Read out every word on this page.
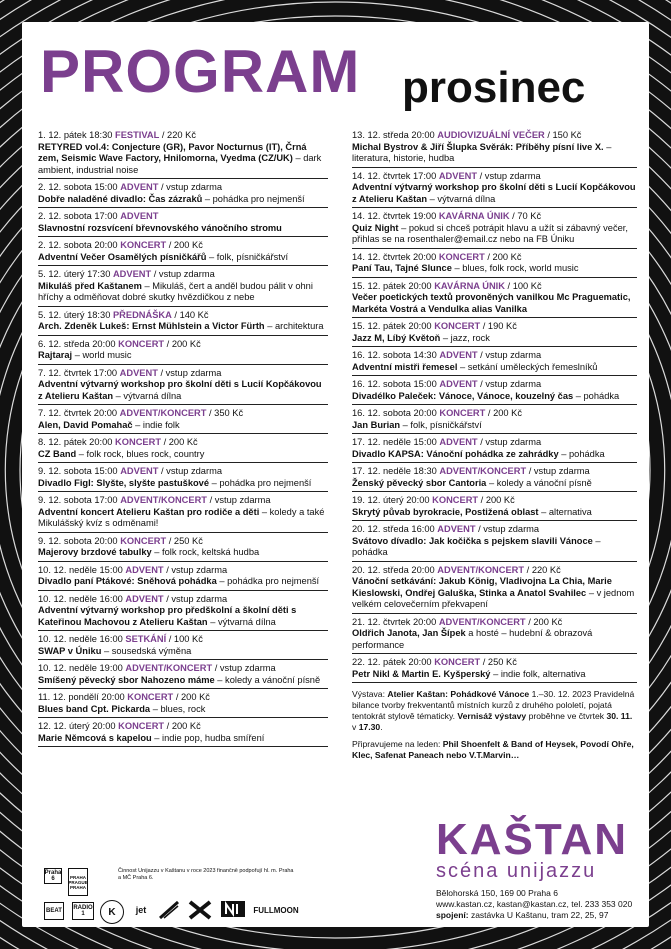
PROGRAM prosinec
1. 12. pátek 18:30 FESTIVAL / 220 Kč
RETYRED vol.4: Conjecture (GR), Pavor Nocturnus (IT), Črná zem, Seismic Wave Factory, Hnilomorna, Vyedma (CZ/UK) – dark ambient, industrial noise
2. 12. sobota 15:00 ADVENT / vstup zdarma
Dobře naladěné divadlo: Čas zázraků – pohádka pro nejmenší
2. 12. sobota 17:00 ADVENT
Slavnostní rozsvícení břevnovského vánočního stromu
2. 12. sobota 20:00 KONCERT / 200 Kč
Adventní Večer Osamělých písničkářů – folk, písničkářství
5. 12. úterý 17:30 ADVENT / vstup zdarma
Mikuláš před Kaštanem – Mikuláš, čert a anděl budou pálit v ohni hříchy a odměňovat dobré skutky hvězdičkou z nebe
5. 12. úterý 18:30 PŘEDNÁŠKA / 140 Kč
Arch. Zdeněk Lukeš: Ernst Mühlstein a Victor Fürth – architektura
6. 12. středa 20:00 KONCERT / 200 Kč
Rajtaraj – world music
7. 12. čtvrtek 17:00 ADVENT / vstup zdarma
Adventní výtvarný workshop pro školní děti s Lucií Kopčákovou z Atelieru Kaštan – výtvarná dílna
7. 12. čtvrtek 20:00 ADVENT/KONCERT / 350 Kč
Alen, David Pomahač – indie folk
8. 12. pátek 20:00 KONCERT / 200 Kč
CZ Band – folk rock, blues rock, country
9. 12. sobota 15:00 ADVENT / vstup zdarma
Divadlo Figl: Slyšte, slyšte pastuškové – pohádka pro nejmenší
9. 12. sobota 17:00 ADVENT/KONCERT / vstup zdarma
Adventní koncert Atelieru Kaštan pro rodiče a děti – koledy a také Mikulášský kvíz s odměnami!
9. 12. sobota 20:00 KONCERT / 250 Kč
Majerovy brzdové tabulky – folk rock, keltská hudba
10. 12. neděle 15:00 ADVENT / vstup zdarma
Divadlo paní Ptákové: Sněhová pohádka – pohádka pro nejmenší
10. 12. neděle 16:00 ADVENT / vstup zdarma
Adventní výtvarný workshop pro předškolní a školní děti s Kateřinou Machovou z Atelieru Kaštan – výtvarná dílna
10. 12. neděle 16:00 SETKÁNÍ / 100 Kč
SWAP v Úniku – sousedská výměna
10. 12. neděle 19:00 ADVENT/KONCERT / vstup zdarma
Smíšený pěvecký sbor Nahozeno máme – koledy a vánoční písně
11. 12. pondělí 20:00 KONCERT / 200 Kč
Blues band Cpt. Pickarda – blues, rock
12. 12. úterý 20:00 KONCERT / 200 Kč
Marie Němcová s kapelou – indie pop, hudba smíření
13. 12. středa 20:00 AUDIOVIZUÁLNÍ VEČER / 150 Kč
Michal Bystrov & Jiří Šlupka Svěrák: Příběhy písní live X. – literatura, historie, hudba
14. 12. čtvrtek 17:00 ADVENT / vstup zdarma
Adventní výtvarný workshop pro školní děti s Lucií Kopčákovou z Atelieru Kaštan – výtvarná dílna
14. 12. čtvrtek 19:00 KAVÁRNA ÚNIK / 70 Kč
Quiz Night – pokud si chceš potrápit hlavu a užít si zábavný večer, přihlas se na rosenthaler@email.cz nebo na FB Úniku
14. 12. čtvrtek 20:00 KONCERT / 200 Kč
Paní Tau, Tajné Slunce – blues, folk rock, world music
15. 12. pátek 20:00 KAVÁRNA ÚNIK / 100 Kč
Večer poetických textů provoněných vanilkou Mc Praguematic, Markéta Vostrá a Vendulka alias Vanilka
15. 12. pátek 20:00 KONCERT / 190 Kč
Jazz M, Líbý Květoň – jazz, rock
16. 12. sobota 14:30 ADVENT / vstup zdarma
Adventní mistři řemesel – setkání uměleckých řemeslníků
16. 12. sobota 15:00 ADVENT / vstup zdarma
Divadélko Paleček: Vánoce, Vánoce, kouzelný čas – pohádka
16. 12. sobota 20:00 KONCERT / 200 Kč
Jan Burian – folk, písničkářství
17. 12. neděle 15:00 ADVENT / vstup zdarma
Divadlo KAPSA: Vánoční pohádka ze zahrádky – pohádka
17. 12. neděle 18:30 ADVENT/KONCERT / vstup zdarma
Ženský pěvecký sbor Cantoria – koledy a vánoční písně
19. 12. úterý 20:00 KONCERT / 200 Kč
Skrytý půvab byrokracie, Postižená oblast – alternativa
20. 12. středa 16:00 ADVENT / vstup zdarma
Svátovo dívadlo: Jak kočička s pejskem slavili Vánoce – pohádka
20. 12. středa 20:00 ADVENT/KONCERT / 220 Kč
Vánoční setkávání: Jakub König, Vladivojna La Chia, Marie Kieslowski, Ondřej Galuška, Stinka a Anatol Svahilec – v jednom velkém celovečerním překvapení
21. 12. čtvrtek 20:00 ADVENT/KONCERT / 200 Kč
Oldřich Janota, Jan Šípek a hosté – hudební & obrazová performance
22. 12. pátek 20:00 KONCERT / 250 Kč
Petr Nikl & Martin E. Kyšperský – indie folk, alternativa
Výstava: Atelier Kaštan: Pohádkové Vánoce 1.–30. 12. 2023 Pravidelná bilance tvorby frekventantů místních kurzů z druhého pololetí, pojatá tentokrát stylově tématicky. Vernisáž výstavy proběhne ve čtvrtek 30. 11. v 17.30.
Připravujeme na leden: Phil Shoenfelt & Band of Heysek, Povodí Ohře, Klec, Safenat Paneach nebo V.T.Marvin…
Praha 6	PRAHA PRAGUE PRAHA
Činnost Unijazzu v Kaštanu v roce 2023 finančně podpořují hl. m. Praha a MČ Praha 6.
BEAT	RADIO 1	K	jet	FULLMOON
KAŠTAN
scéna unijazzu
Bělohorská 150, 169 00 Praha 6
www.kastan.cz, kastan@kastan.cz, tel. 233 353 020
spojení: zastávka U Kaštanu, tram 22, 25, 97
